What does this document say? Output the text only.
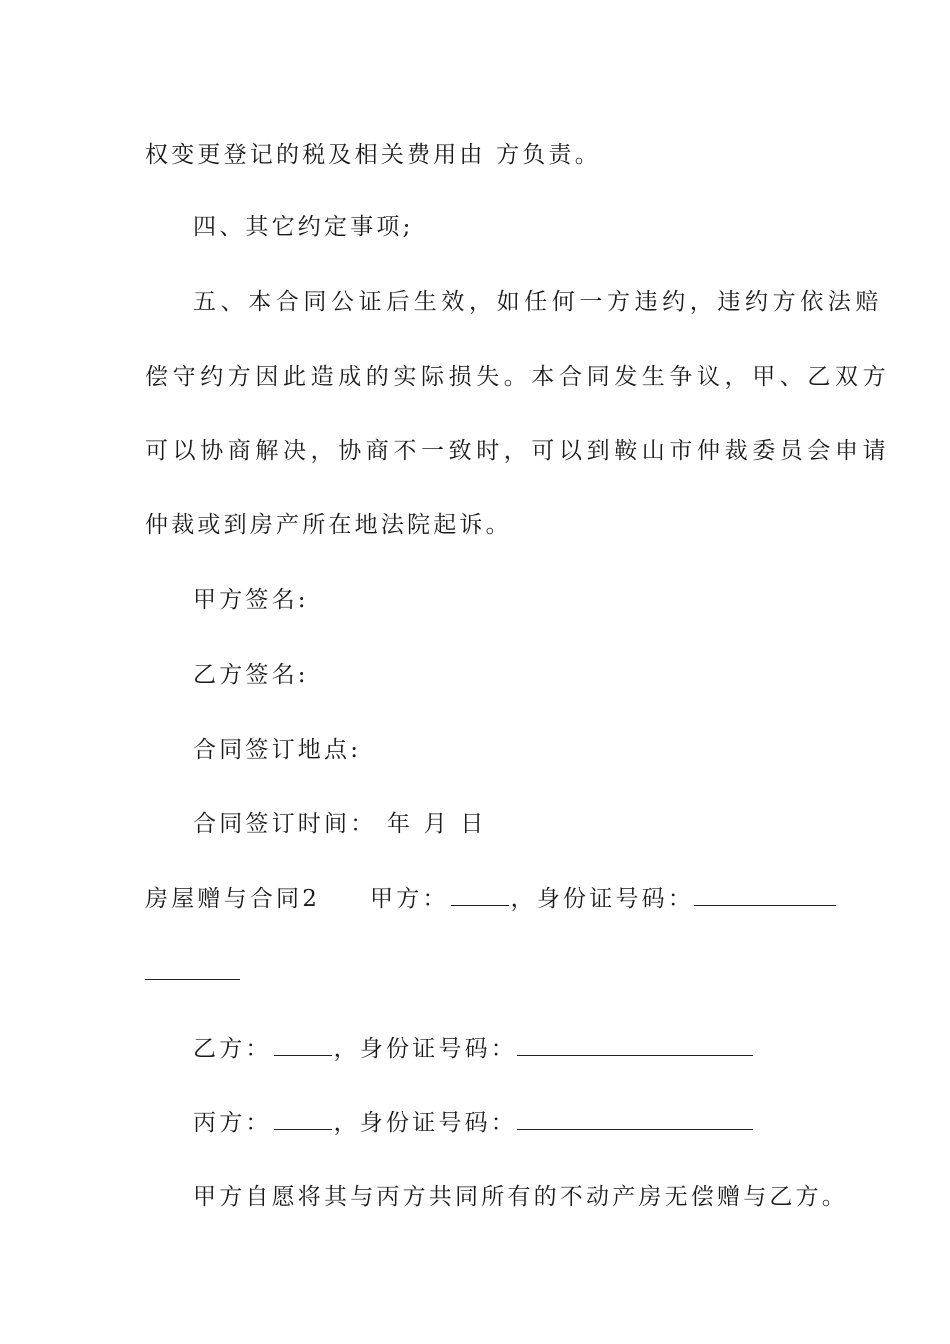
权变更登记的税及相关费用由 方负责。
四、其它约定事项;
五、本合同公证后生效，如任何一方违约，违约方依法赔
偿守约方因此造成的实际损失。本合同发生争议，甲、乙双方
可以协商解决，协商不一致时，可以到鞍山市仲裁委员会申请
仲裁或到房产所在地法院起诉。
甲方签名:
乙方签名:
合同签订地点:
合同签订时间： 年 月 日
房屋赠与合同2 甲方：	，身份证号码：
乙方：	，身份证号码：
丙方：	，身份证号码：
甲方自愿将其与丙方共同所有的不动产房无偿赠与乙方。
